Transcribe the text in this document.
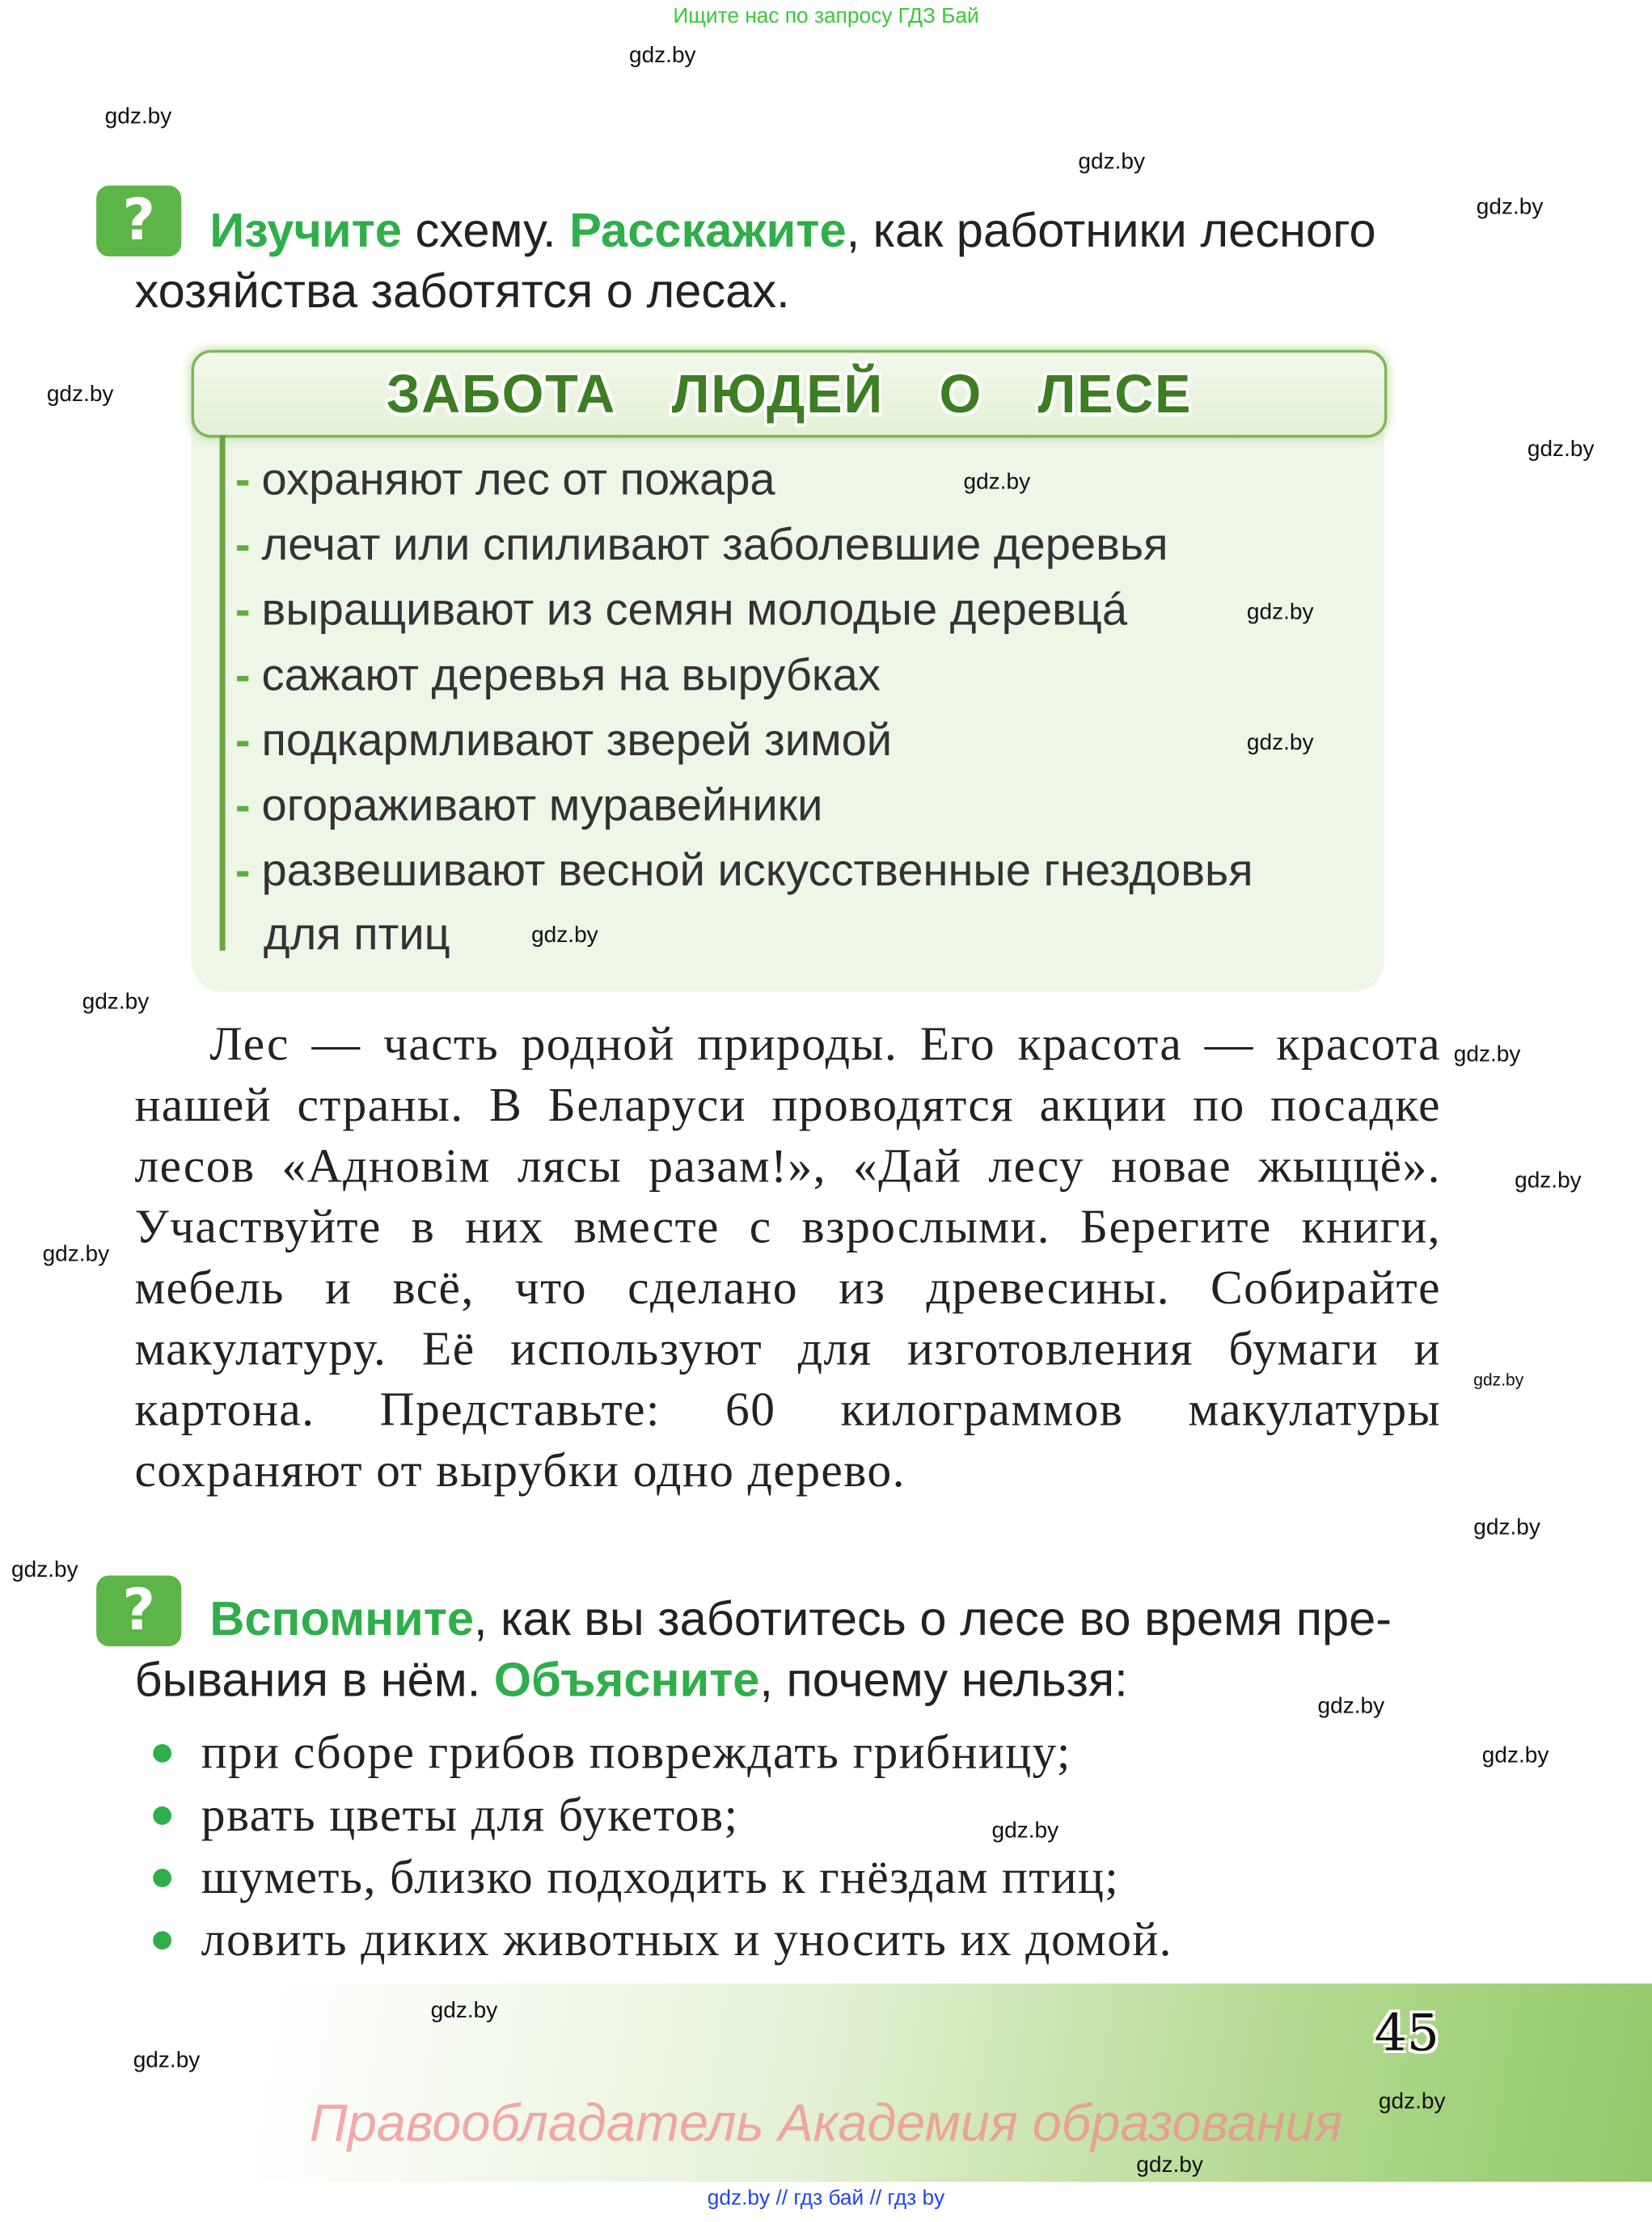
Ищите нас по запросу ГДЗ Бай
?	Изучите схему. Расскажите, как работники лесного
хозяйства заботятся о лесах.
ЗАБОТА  ЛЮДЕЙ  О  ЛЕСЕ
- охраняют лес от пожара
- лечат или спиливают заболевшие деревья
- выращивают из семян молодые деревцá
- сажают деревья на вырубках
- подкармливают зверей зимой
- огораживают муравейники
- развешивают весной искусственные гнездовья
для птиц

Лес — часть родной природы. Его красота — красота нашей страны. В Беларуси проводятся акции по посадке лесов «Адновім лясы разам!», «Дай лесу новае жыццё». Участвуйте в них вместе с взрослыми. Берегите книги, мебель и всё, что сделано из древесины. Собирайте макулатуру. Её используют для изготовления бумаги и картона. Представьте: 60 килограммов макулатуры сохраняют от вырубки одно дерево.

?	Вспомните, как вы заботитесь о лесе во время пре-
бывания в нём. Объясните, почему нельзя:
при сборе грибов повреждать грибницу;
рвать цветы для букетов;
шуметь, близко подходить к гнёздам птиц;
ловить диких животных и уносить их домой.
45
Правообладатель Академия образования
gdz.by // гдз бай // гдз by
gdz.by
gdz.by
gdz.by
gdz.by
gdz.by
gdz.by
gdz.by
gdz.by
gdz.by
gdz.by
gdz.by
gdz.by
gdz.by
gdz.by
gdz.by
gdz.by
gdz.by
gdz.by
gdz.by
gdz.by
gdz.by
gdz.by
gdz.by
gdz.by
